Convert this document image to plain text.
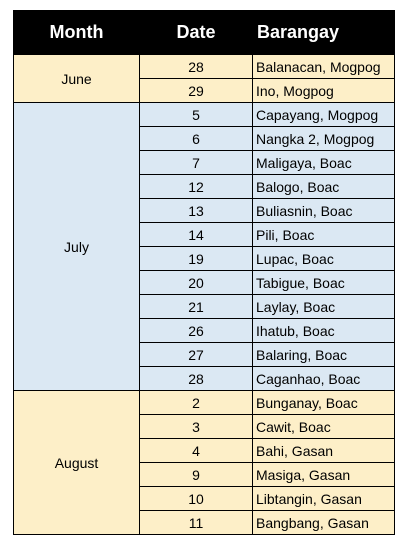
Month	Date	Barangay
June	28	Balanacan, Mogpog
	29	Ino, Mogpog
July	5	Capayang, Mogpog
	6	Nangka 2, Mogpog
	7	Maligaya, Boac
	12	Balogo, Boac
	13	Buliasnin, Boac
	14	Pili, Boac
	19	Lupac, Boac
	20	Tabigue, Boac
	21	Laylay, Boac
	26	Ihatub, Boac
	27	Balaring, Boac
	28	Caganhao, Boac
August	2	Bunganay, Boac
	3	Cawit, Boac
	4	Bahi, Gasan
	9	Masiga, Gasan
	10	Libtangin, Gasan
	11	Bangbang, Gasan
